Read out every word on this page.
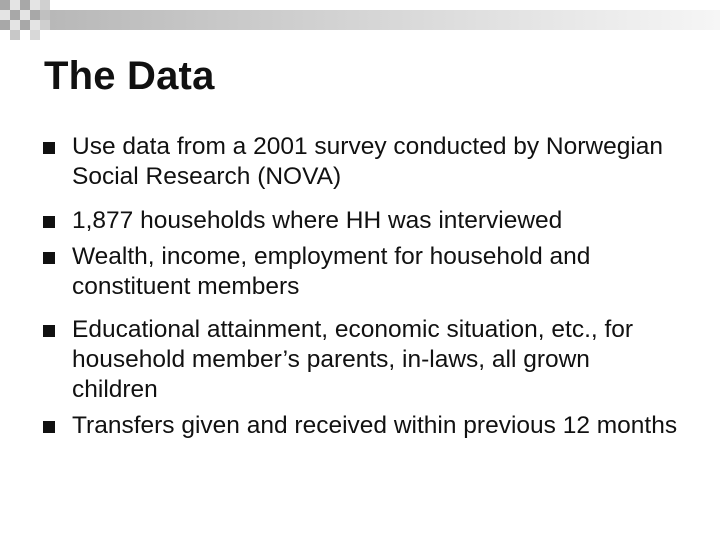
The Data
Use data from a 2001 survey conducted by Norwegian Social Research (NOVA)
1,877 households where HH was interviewed
Wealth, income, employment for household and constituent members
Educational attainment, economic situation, etc., for household member’s parents, in-laws, all grown children
Transfers given and received within previous 12 months
